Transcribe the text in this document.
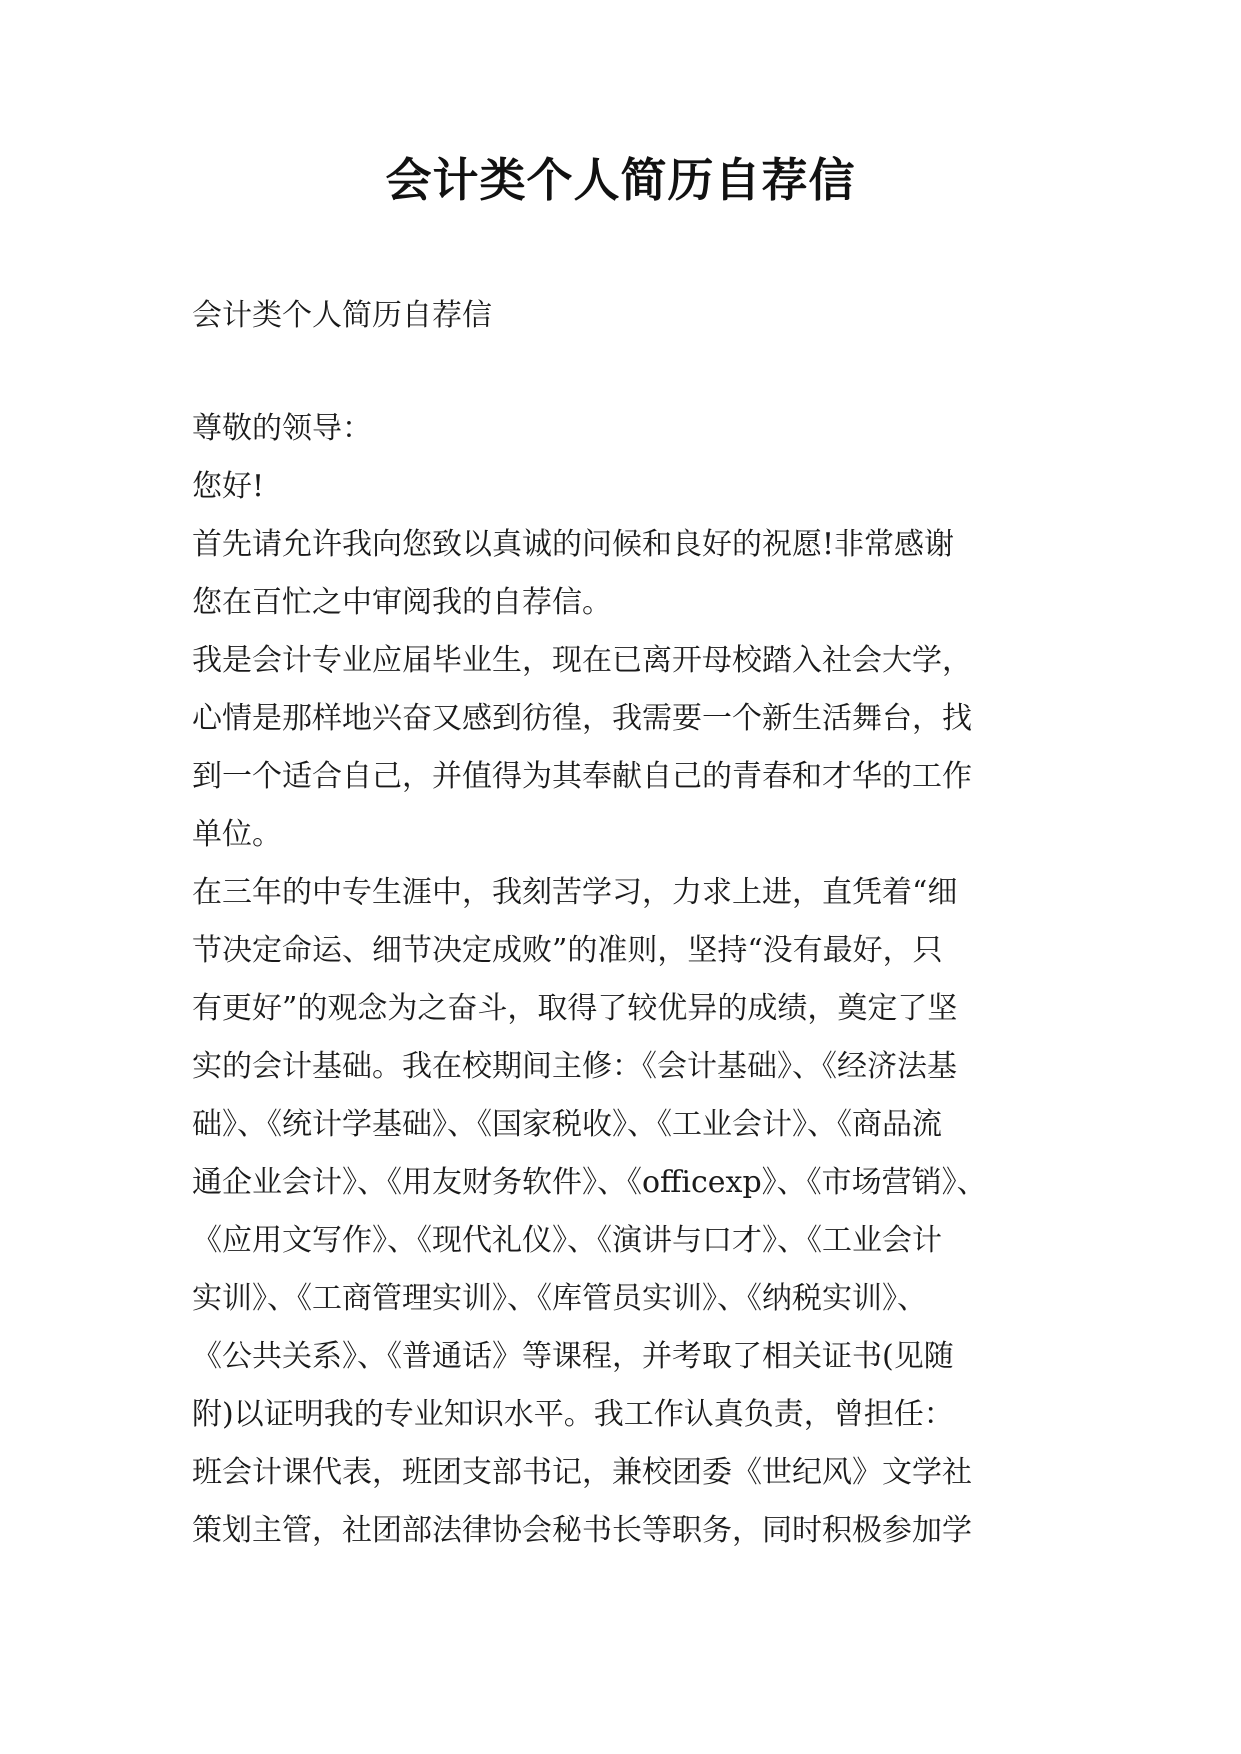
会计类个人简历自荐信
会计类个人简历自荐信
尊敬的领导：
您好!
首先请允许我向您致以真诚的问候和良好的祝愿!非常感谢
您在百忙之中审阅我的自荐信。
我是会计专业应届毕业生，现在已离开母校踏入社会大学，
心情是那样地兴奋又感到彷徨，我需要一个新生活舞台，找
到一个适合自己，并值得为其奉献自己的青春和才华的工作
单位。
在三年的中专生涯中，我刻苦学习，力求上进，直凭着“细
节决定命运、细节决定成败”的准则，坚持“没有最好，只
有更好”的观念为之奋斗，取得了较优异的成绩，奠定了坚
实的会计基础。我在校期间主修：《会计基础》、《经济法基
础》、《统计学基础》、《国家税收》、《工业会计》、《商品流
通企业会计》、《用友财务软件》、《officexp》、《市场营销》、
《应用文写作》、《现代礼仪》、《演讲与口才》、《工业会计
实训》、《工商管理实训》、《库管员实训》、《纳税实训》、
《公共关系》、《普通话》等课程，并考取了相关证书(见随
附)以证明我的专业知识水平。我工作认真负责，曾担任：
班会计课代表，班团支部书记，兼校团委《世纪风》文学社
策划主管，社团部法律协会秘书长等职务，同时积极参加学
